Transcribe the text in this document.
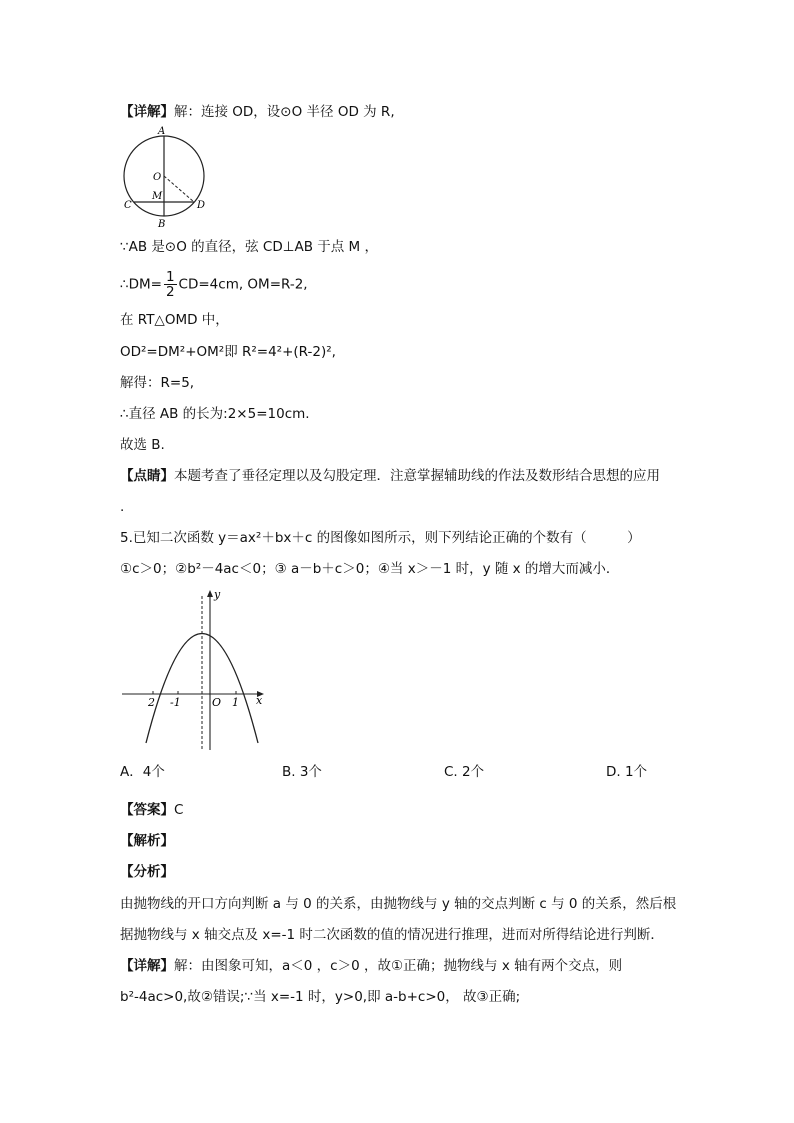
【详解】解：连接 OD，设⊙O 半径 OD 为 R,
A
O
M
C	D
B
∵AB 是⊙O 的直径，弦 CD⊥AB 于点 M ，
∴DM= $\frac{1}{2} CD=4cm$, OM=R-2,
在 RT△OMD 中，
OD²=DM²+OM²即 R²=4²+(R-2)²,
解得：R=5,
∴直径 AB 的长为:2×5=10cm.
故选 B.
【点睛】本题考查了垂径定理以及勾股定理．注意掌握辅助线的作法及数形结合思想的应用
.
5.已知二次函数 y＝ax²＋bx＋c 的图像如图所示，则下列结论正确的个数有（　　　）
①c＞0；②b²－4ac＜0；③ a－b＋c＞0；④当 x＞－1 时，y 随 x 的增大而减小．
y
x
2 -1	O 1
A．4个	B. 3个	C. 2个	D. 1个
【答案】C
【解析】
【分析】
由抛物线的开口方向判断 a 与 0 的关系，由抛物线与 y 轴的交点判断 c 与 0 的关系，然后根
据抛物线与 x 轴交点及 x=-1 时二次函数的值的情况进行推理，进而对所得结论进行判断．
【详解】解：由图象可知，a＜0 ，c＞0 ，故①正确；抛物线与 x 轴有两个交点，则
b²-4ac>0,故②错误;∵当 x=-1 时，y>0,即 a-b+c>0， 故③正确;
